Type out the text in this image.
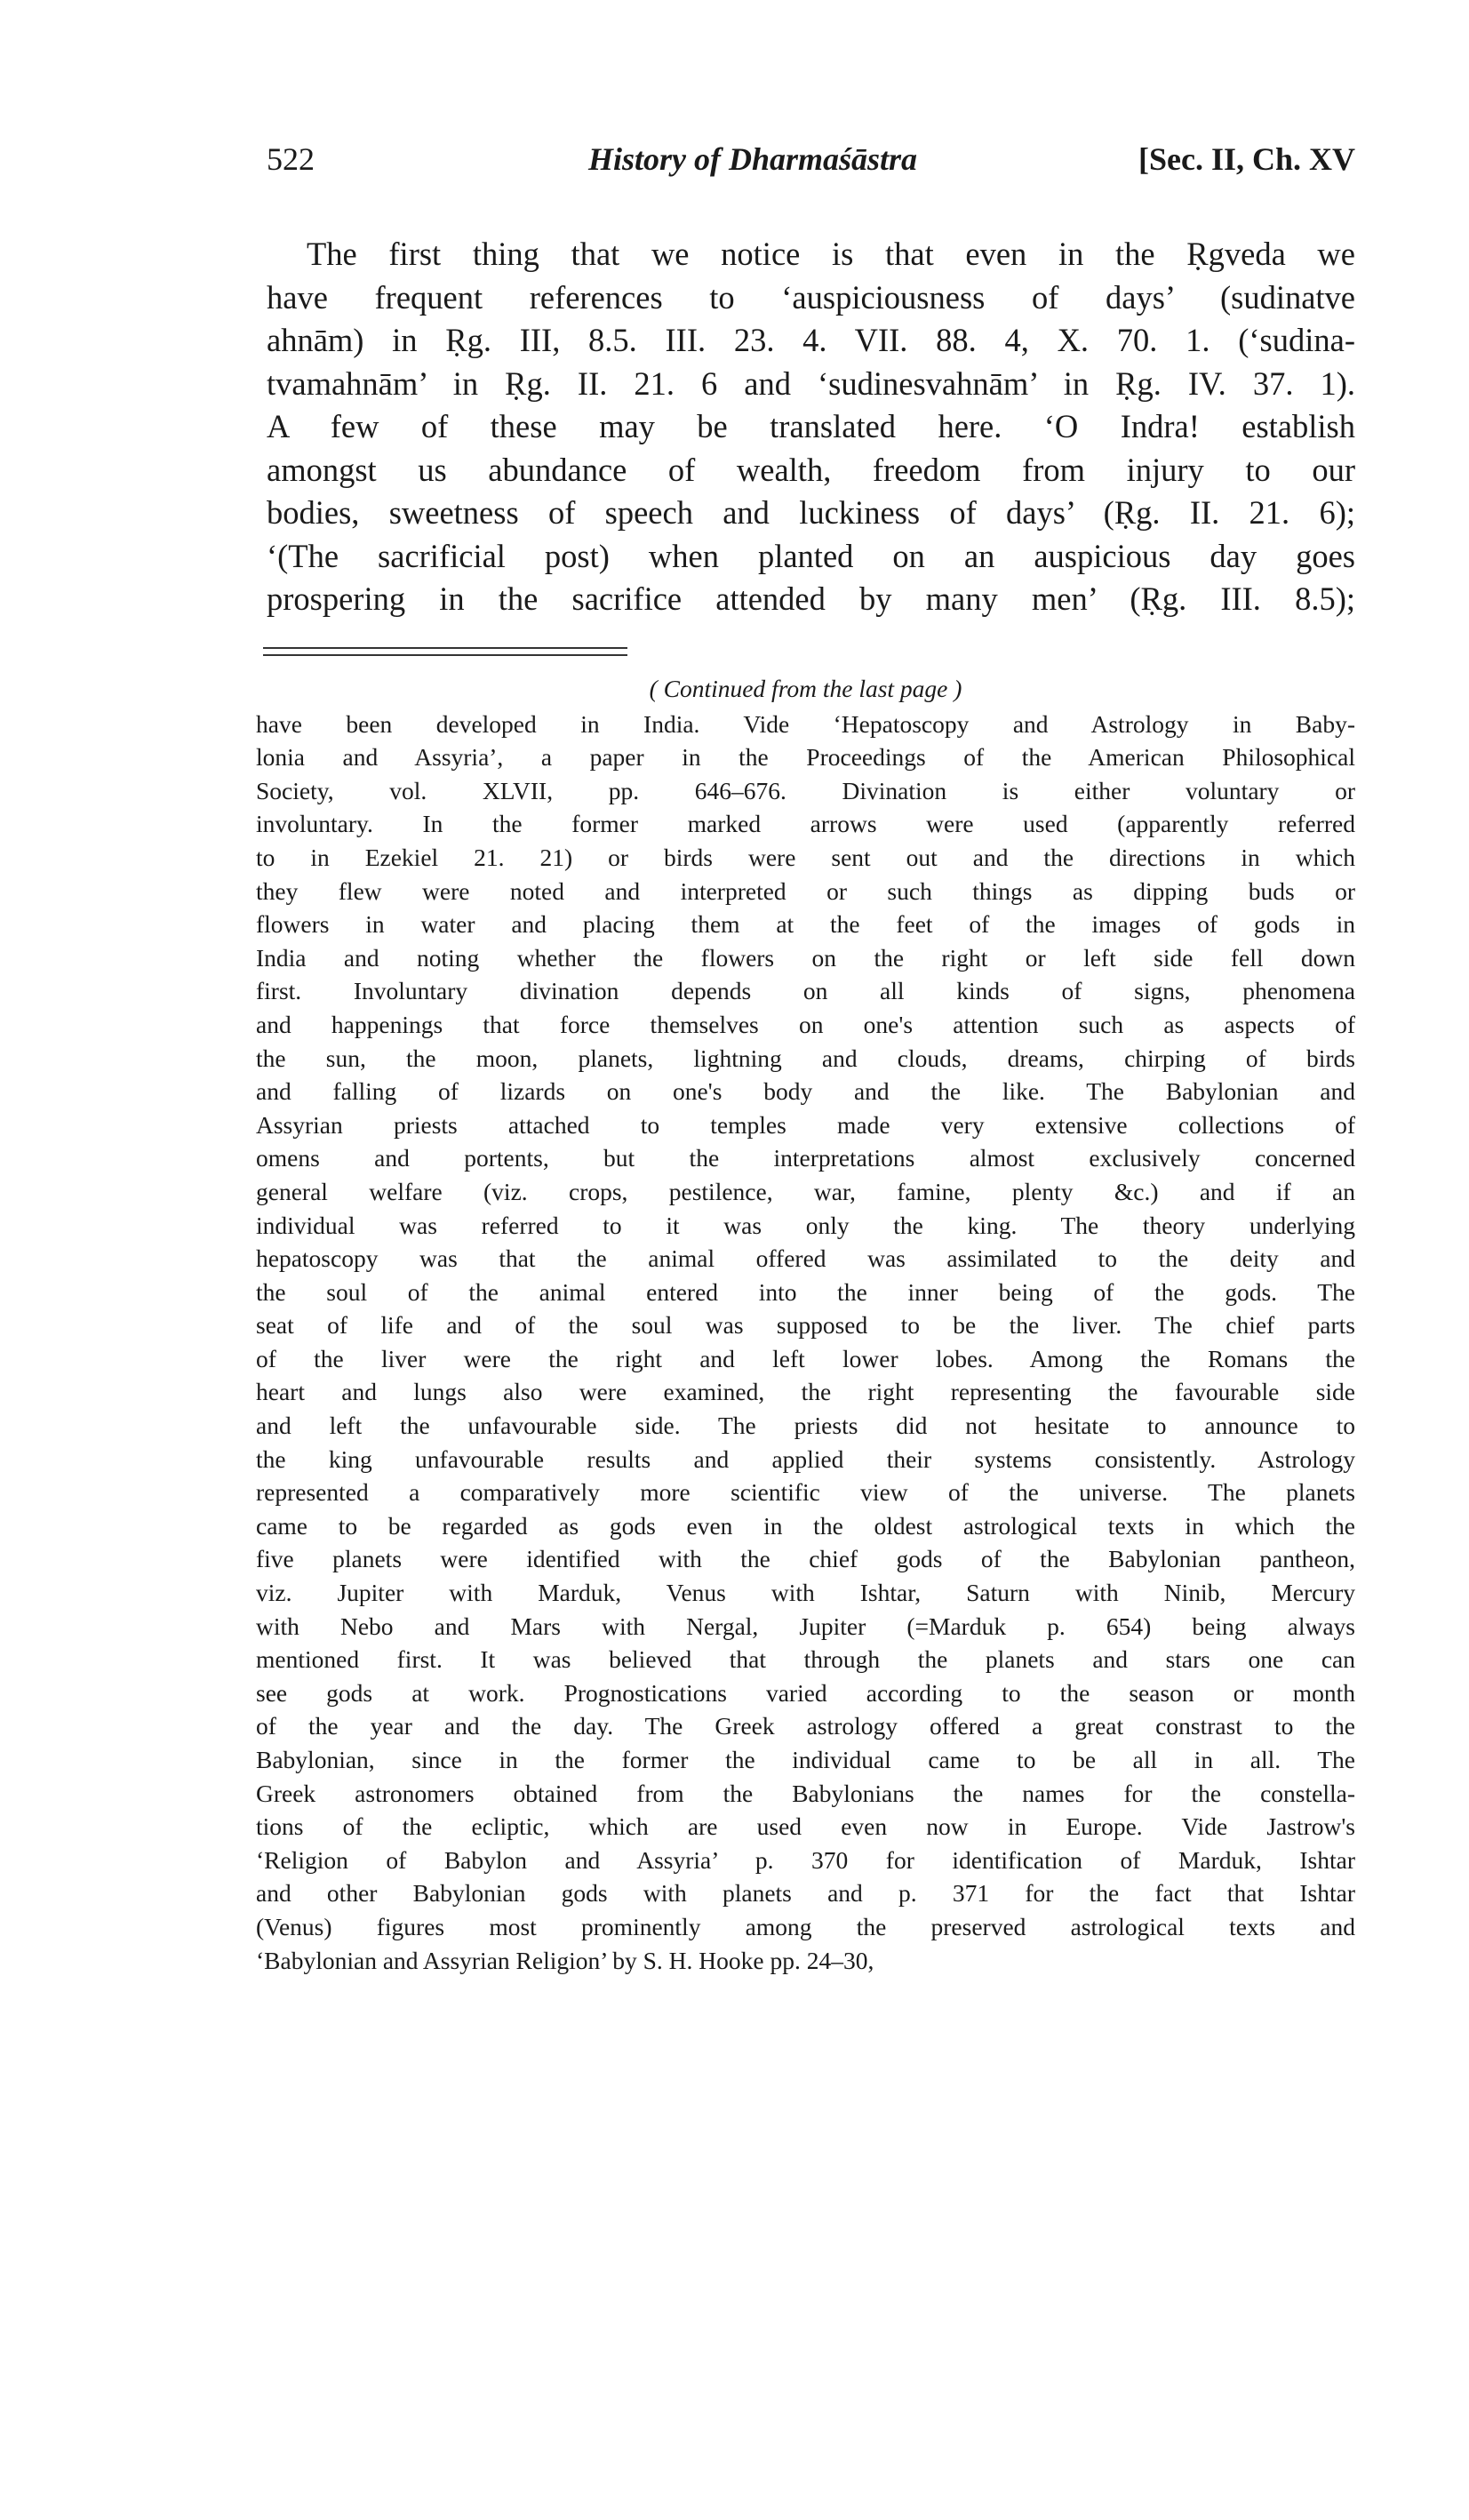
522	History of Dharmaśāstra	[Sec. II, Ch. XV
The first thing that we notice is that even in the Ṛgveda we
have frequent references to ‘auspiciousness of days’ (sudinatve
ahnām) in Ṛg. III, 8.5. III. 23. 4. VII. 88. 4, X. 70. 1. (‘sudina-
tvamahnām’ in Ṛg. II. 21. 6 and ‘sudinesvahnām’ in Ṛg. IV. 37. 1).
A few of these may be translated here. ‘O Indra! establish
amongst us abundance of wealth, freedom from injury to our
bodies, sweetness of speech and luckiness of days’ (Ṛg. II. 21. 6);
‘(The sacrificial post) when planted on an auspicious day goes
prospering in the sacrifice attended by many men’ (Ṛg. III. 8.5);
( Continued from the last page )
have been developed in India. Vide ‘Hepatoscopy and Astrology in Baby-
lonia and Assyria’, a paper in the Proceedings of the American Philosophical
Society, vol. XLVII, pp. 646–676. Divination is either voluntary or
involuntary. In the former marked arrows were used (apparently referred
to in Ezekiel 21. 21) or birds were sent out and the directions in which
they flew were noted and interpreted or such things as dipping buds or
flowers in water and placing them at the feet of the images of gods in
India and noting whether the flowers on the right or left side fell down
first. Involuntary divination depends on all kinds of signs, phenomena
and happenings that force themselves on one's attention such as aspects of
the sun, the moon, planets, lightning and clouds, dreams, chirping of birds
and falling of lizards on one's body and the like. The Babylonian and
Assyrian priests attached to temples made very extensive collections of
omens and portents, but the interpretations almost exclusively concerned
general welfare (viz. crops, pestilence, war, famine, plenty &c.) and if an
individual was referred to it was only the king. The theory underlying
hepatoscopy was that the animal offered was assimilated to the deity and
the soul of the animal entered into the inner being of the gods. The
seat of life and of the soul was supposed to be the liver. The chief parts
of the liver were the right and left lower lobes. Among the Romans the
heart and lungs also were examined, the right representing the favourable side
and left the unfavourable side. The priests did not hesitate to announce to
the king unfavourable results and applied their systems consistently. Astrology
represented a comparatively more scientific view of the universe. The planets
came to be regarded as gods even in the oldest astrological texts in which the
five planets were identified with the chief gods of the Babylonian pantheon,
viz. Jupiter with Marduk, Venus with Ishtar, Saturn with Ninib, Mercury
with Nebo and Mars with Nergal, Jupiter (=Marduk p. 654) being always
mentioned first. It was believed that through the planets and stars one can
see gods at work. Prognostications varied according to the season or month
of the year and the day. The Greek astrology offered a great constrast to the
Babylonian, since in the former the individual came to be all in all. The
Greek astronomers obtained from the Babylonians the names for the constella-
tions of the ecliptic, which are used even now in Europe. Vide Jastrow's
‘Religion of Babylon and Assyria’ p. 370 for identification of Marduk, Ishtar
and other Babylonian gods with planets and p. 371 for the fact that Ishtar
(Venus) figures most prominently among the preserved astrological texts and
‘Babylonian and Assyrian Religion’ by S. H. Hooke pp. 24–30,
